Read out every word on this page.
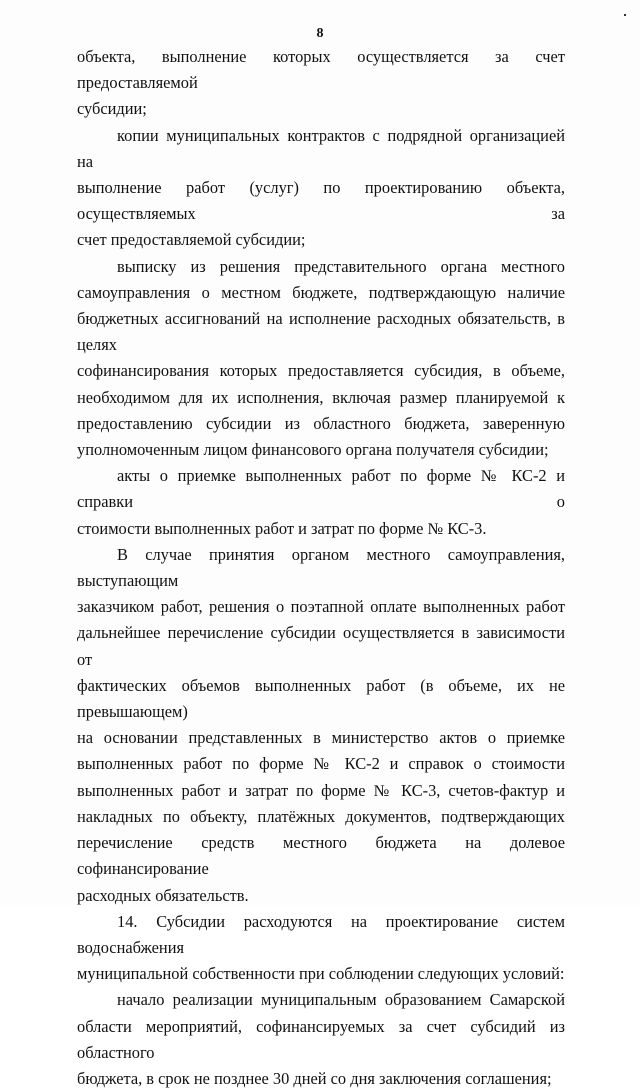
8
объекта, выполнение которых осуществляется за счет предоставляемой
субсидии;
копии муниципальных контрактов с подрядной организацией на
выполнение работ (услуг) по проектированию объекта, осуществляемых за
счет предоставляемой субсидии;
выписку из решения представительного органа местного
самоуправления о местном бюджете, подтверждающую наличие
бюджетных ассигнований на исполнение расходных обязательств, в целях
софинансирования которых предоставляется субсидия, в объеме,
необходимом для их исполнения, включая размер планируемой к
предоставлению субсидии из областного бюджета, заверенную
уполномоченным лицом финансового органа получателя субсидии;
акты о приемке выполненных работ по форме № КС-2 и справки о
стоимости выполненных работ и затрат по форме № КС-3.
В случае принятия органом местного самоуправления, выступающим
заказчиком работ, решения о поэтапной оплате выполненных работ
дальнейшее перечисление субсидии осуществляется в зависимости от
фактических объемов выполненных работ (в объеме, их не превышающем)
на основании представленных в министерство актов о приемке
выполненных работ по форме № КС-2 и справок о стоимости
выполненных работ и затрат по форме № КС-3, счетов-фактур и
накладных по объекту, платёжных документов, подтверждающих
перечисление средств местного бюджета на долевое софинансирование
расходных обязательств.
14. Субсидии расходуются на проектирование систем водоснабжения
муниципальной собственности при соблюдении следующих условий:
начало реализации муниципальным образованием Самарской
области мероприятий, софинансируемых за счет субсидий из областного
бюджета, в срок не позднее 30 дней со дня заключения соглашения;
